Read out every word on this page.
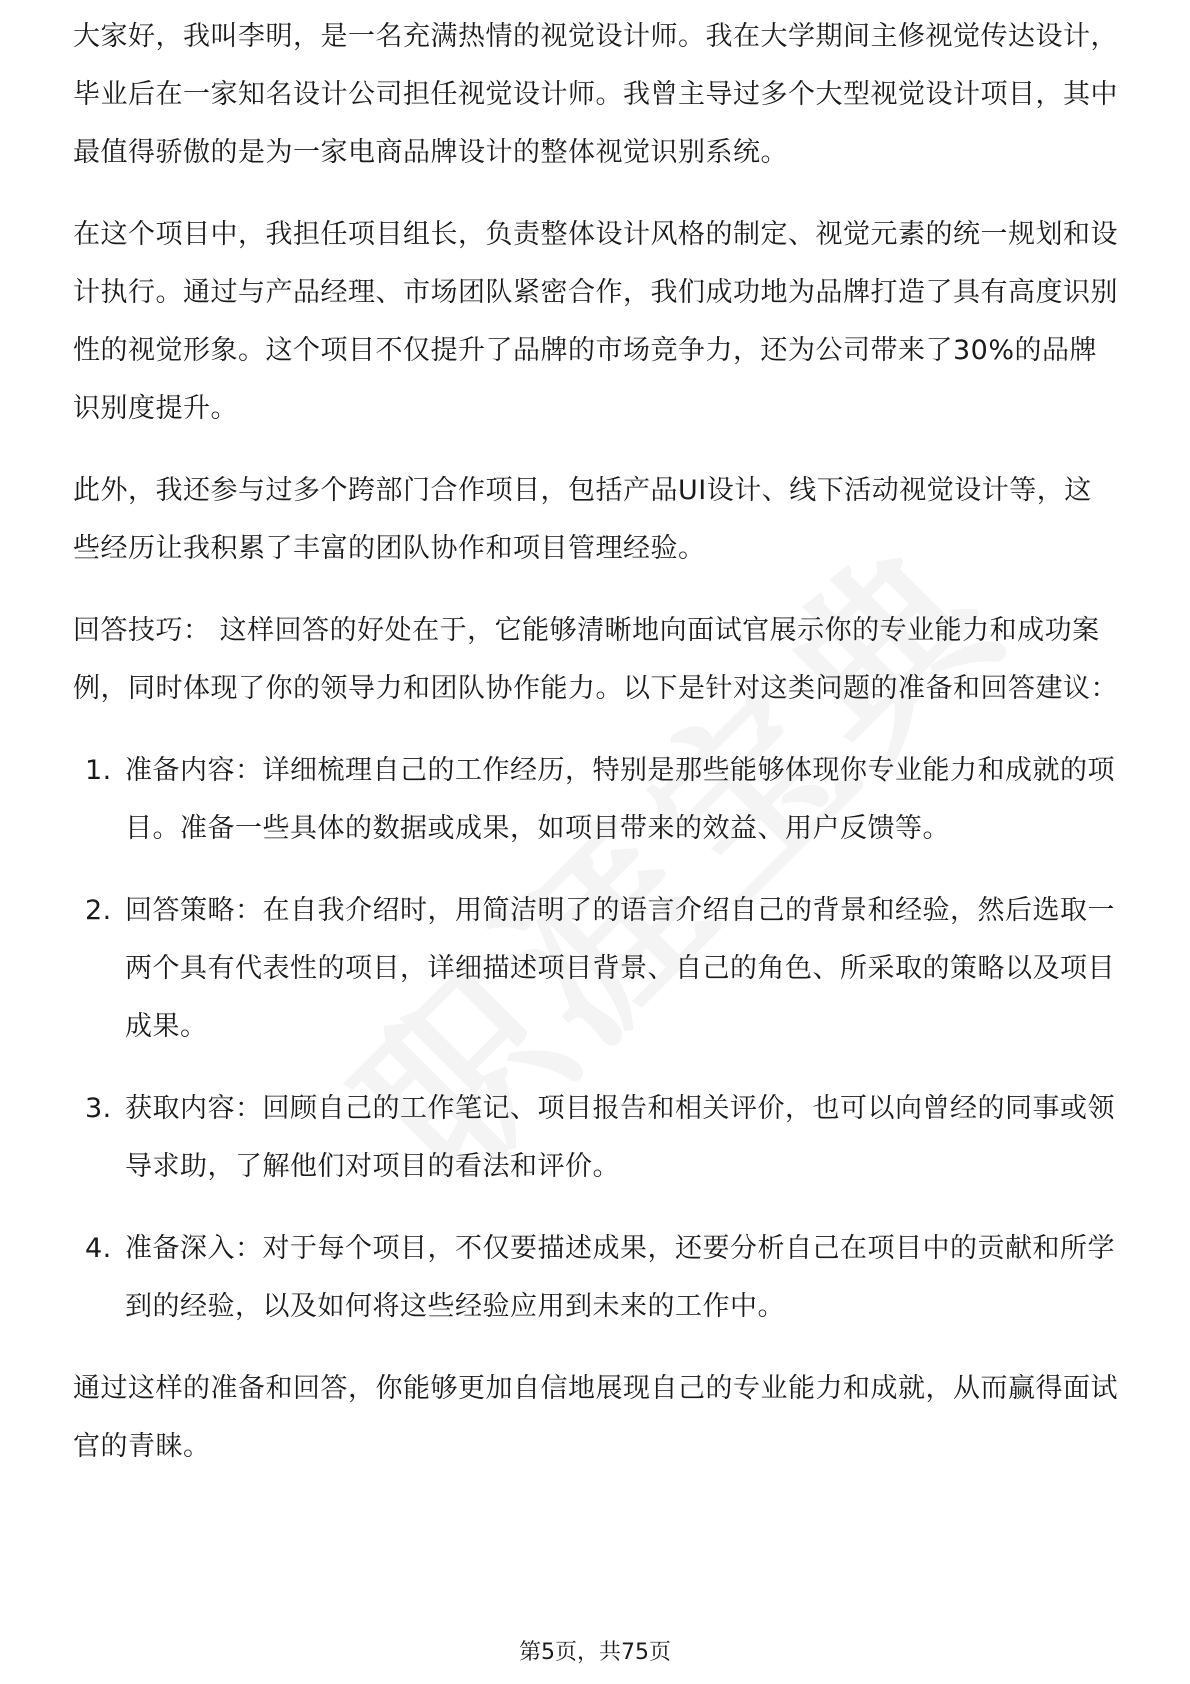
大家好，我叫李明，是一名充满热情的视觉设计师。我在大学期间主修视觉传达设计，毕业后在一家知名设计公司担任视觉设计师。我曾主导过多个大型视觉设计项目，其中最值得骄傲的是为一家电商品牌设计的整体视觉识别系统。

在这个项目中，我担任项目组长，负责整体设计风格的制定、视觉元素的统一规划和设计执行。通过与产品经理、市场团队紧密合作，我们成功地为品牌打造了具有高度识别性的视觉形象。这个项目不仅提升了品牌的市场竞争力，还为公司带来了30%的品牌识别度提升。

此外，我还参与过多个跨部门合作项目，包括产品UI设计、线下活动视觉设计等，这些经历让我积累了丰富的团队协作和项目管理经验。

回答技巧： 这样回答的好处在于，它能够清晰地向面试官展示你的专业能力和成功案例，同时体现了你的领导力和团队协作能力。以下是针对这类问题的准备和回答建议：

1. 准备内容：详细梳理自己的工作经历，特别是那些能够体现你专业能力和成就的项目。准备一些具体的数据或成果，如项目带来的效益、用户反馈等。
2. 回答策略：在自我介绍时，用简洁明了的语言介绍自己的背景和经验，然后选取一两个具有代表性的项目，详细描述项目背景、自己的角色、所采取的策略以及项目成果。
3. 获取内容：回顾自己的工作笔记、项目报告和相关评价，也可以向曾经的同事或领导求助，了解他们对项目的看法和评价。
4. 准备深入：对于每个项目，不仅要描述成果，还要分析自己在项目中的贡献和所学到的经验，以及如何将这些经验应用到未来的工作中。

通过这样的准备和回答，你能够更加自信地展现自己的专业能力和成就，从而赢得面试官的青睐。

第5页，共75页
